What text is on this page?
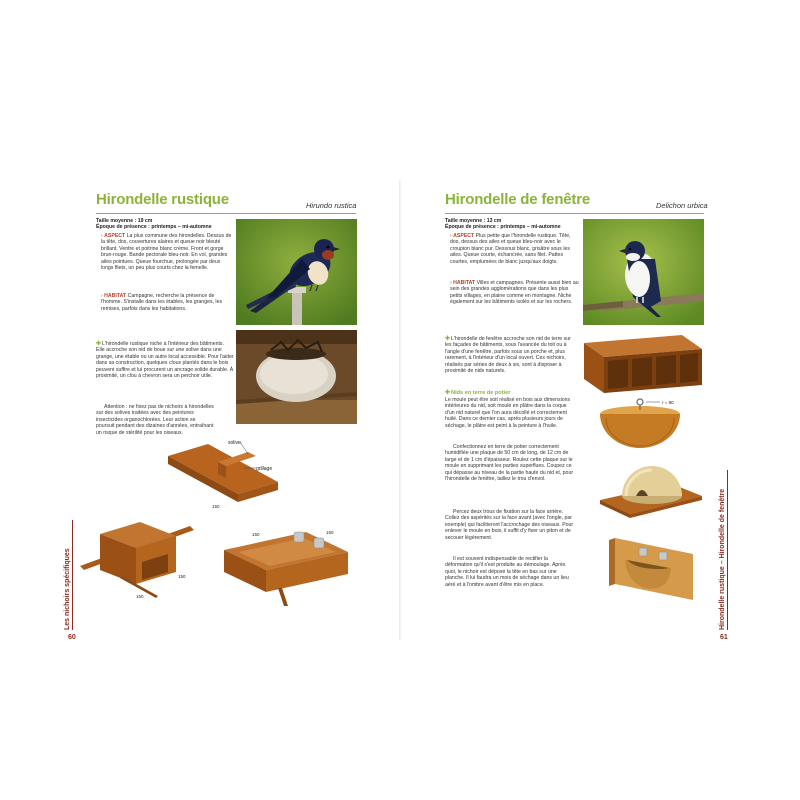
Hirondelle rustique	Hirundo rustica
Taille moyenne : 19 cm
Époque de présence : printemps – mi-automne
› ASPECT La plus commune des hirondelles. Dessus de la tête, dos, couvertures alaires et queue noir bleuté brillant. Ventre et poitrine blanc crème. Front et gorge brun-rouge. Bande pectorale bleu-noir. En vol, grandes ailes pointues. Queue fourchue, prolongée par deux longs filets, un peu plus courts chez la femelle.
› HABITAT Campagne, recherche la présence de l'homme. S'installe dans les étables, les granges, les remises, parfois dans les habitations.
✚L'hirondelle rustique niche à l'intérieur des bâtiments. Elle accroche son nid de boue sur une solive dans une grange, une étable ou un autre local accessible. Pour l'aider dans sa construction, quelques clous plantés dans le bois peuvent suffire et lui procurent un ancrage solide durable. À proximité, un clou à chevron sera un perchoir utile.
Attention : ne fixez pas de nichoirs à hirondelles sur des solives traitées avec des peintures insecticides organochlorées. Leur action se poursuit pendant des dizaines d'années, entraînant un risque de stérilité pour les oiseaux.
solive
grillage
150
150
150
150	150
Les nichoirs spécifiques
60
Hirondelle de fenêtre	Delichon urbica
Taille moyenne : 13 cm
Époque de présence : printemps – mi-automne
› ASPECT Plus petite que l'hirondelle rustique. Tête, dos, dessus des ailes et queue bleu-noir avec le croupion blanc pur. Dessous blanc, grisâtre sous les ailes. Queue courte, échancrée, sans filet. Pattes courtes, emplumées de blanc jusqu'aux doigts.
› HABITAT Villes et campagnes. Présente aussi bien au sein des grandes agglomérations que dans les plus petits villages, en plaine comme en montagne. Niche également sur les bâtiments isolés et sur les rochers.
✚L'hirondelle de fenêtre accroche son nid de terre sur les façades de bâtiments, sous l'avancée du toit ou à l'angle d'une fenêtre, parfois sous un porche et, plus rarement, à l'intérieur d'un local ouvert. Ces nichoirs, réalisés par séries de deux à six, sont à disposer à proximité de nids naturels.
✚Nids en terre de potier
Le moule peut être soit réalisé en bois aux dimensions intérieures du nid, soit moulé en plâtre dans la coque d'un nid naturel que l'on aura décollé et correctement huilé. Dans ce dernier cas, après plusieurs jours de séchage, le plâtre est peint à la peinture à l'huile.
Confectionnez en terre de potier correctement humidifiée une plaque de 50 cm de long, de 12 cm de large et de 1 cm d'épaisseur. Roulez cette plaque sur le moule en supprimant les parties superflues. Coupez ce qui dépasse au niveau de la partie haute du nid et, pour l'hirondelle de fenêtre, taillez le trou d'envol.
Percez deux trous de fixation sur la face arrière. Collez des aspérités sur la face avant (avec l'ongle, par exemple) qui faciliteront l'accrochage des oiseaux. Pour enlever le moule en bois, il suffit d'y fixer un piton et de secouer légèrement.
Il est souvent indispensable de rectifier la déformation qu'il s'est produite au démoulage. Après quoi, le nichoir est déposé la tête en bas sur une planche. Il lui faudra un mois de séchage dans un lieu aéré et à l'ombre avant d'être mis en place.
r = 80
Hirondelle rustique – Hirondelle de fenêtre
61
